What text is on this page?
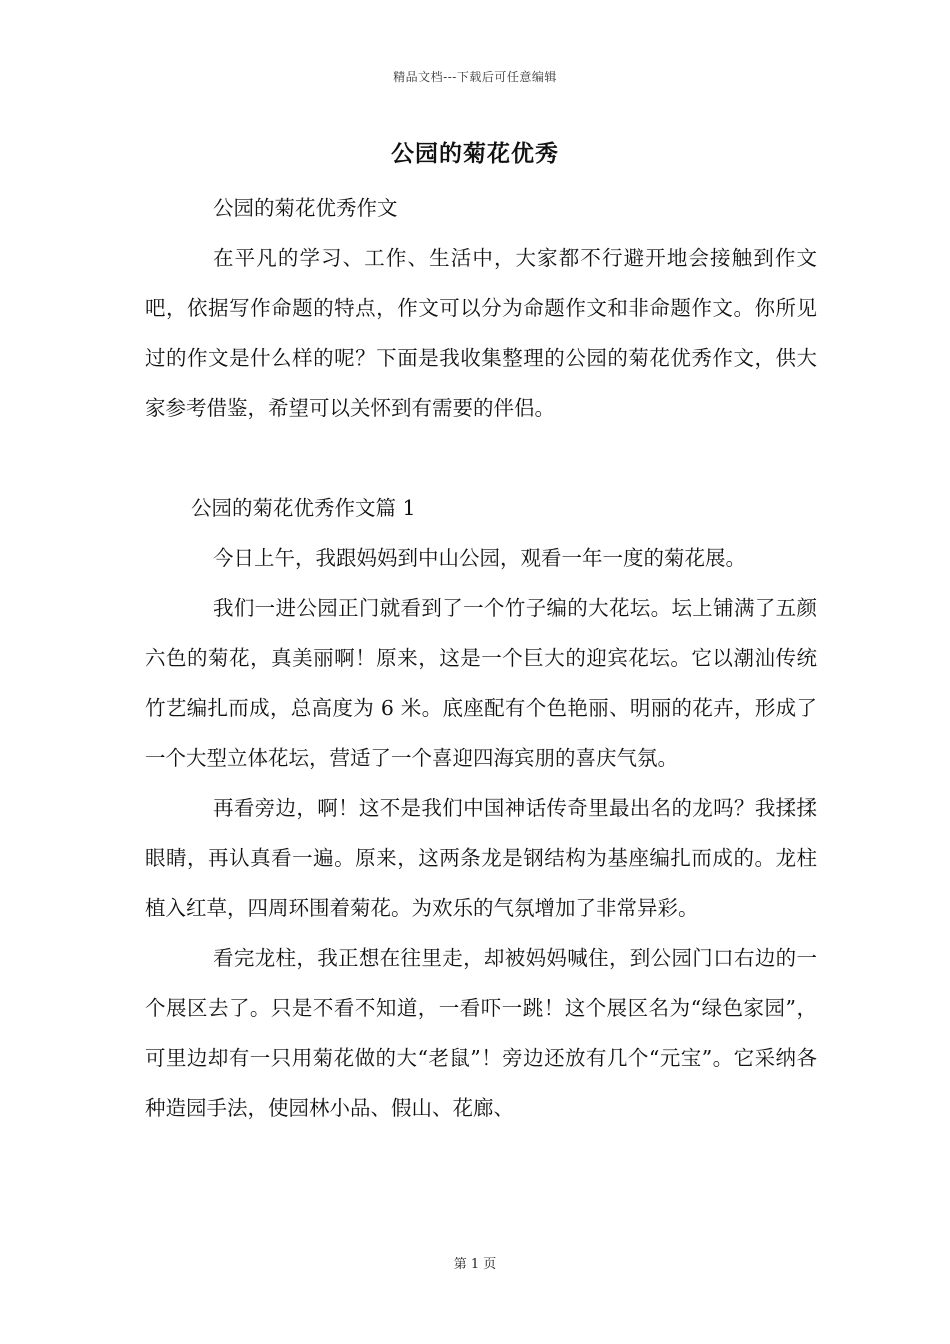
精品文档---下载后可任意编辑
公园的菊花优秀

公园的菊花优秀作文

在平凡的学习、工作、生活中，大家都不行避开地会接触到作文吧，依据写作命题的特点，作文可以分为命题作文和非命题作文。你所见过的作文是什么样的呢？下面是我收集整理的公园的菊花优秀作文，供大家参考借鉴，希望可以关怀到有需要的伴侣。

公园的菊花优秀作文篇 1

今日上午，我跟妈妈到中山公园，观看一年一度的菊花展。

我们一进公园正门就看到了一个竹子编的大花坛。坛上铺满了五颜六色的菊花，真美丽啊！原来，这是一个巨大的迎宾花坛。它以潮汕传统竹艺编扎而成，总高度为 6 米。底座配有个色艳丽、明丽的花卉，形成了一个大型立体花坛，营适了一个喜迎四海宾朋的喜庆气氛。

再看旁边，啊！这不是我们中国神话传奇里最出名的龙吗？我揉揉眼睛，再认真看一遍。原来，这两条龙是钢结构为基座编扎而成的。龙柱植入红草，四周环围着菊花。为欢乐的气氛增加了非常异彩。

看完龙柱，我正想在往里走，却被妈妈喊住，到公园门口右边的一个展区去了。只是不看不知道，一看吓一跳！这个展区名为“绿色家园”，可里边却有一只用菊花做的大“老鼠”！旁边还放有几个“元宝”。它采纳各种造园手法，使园林小品、假山、花廊、

第 1 页
